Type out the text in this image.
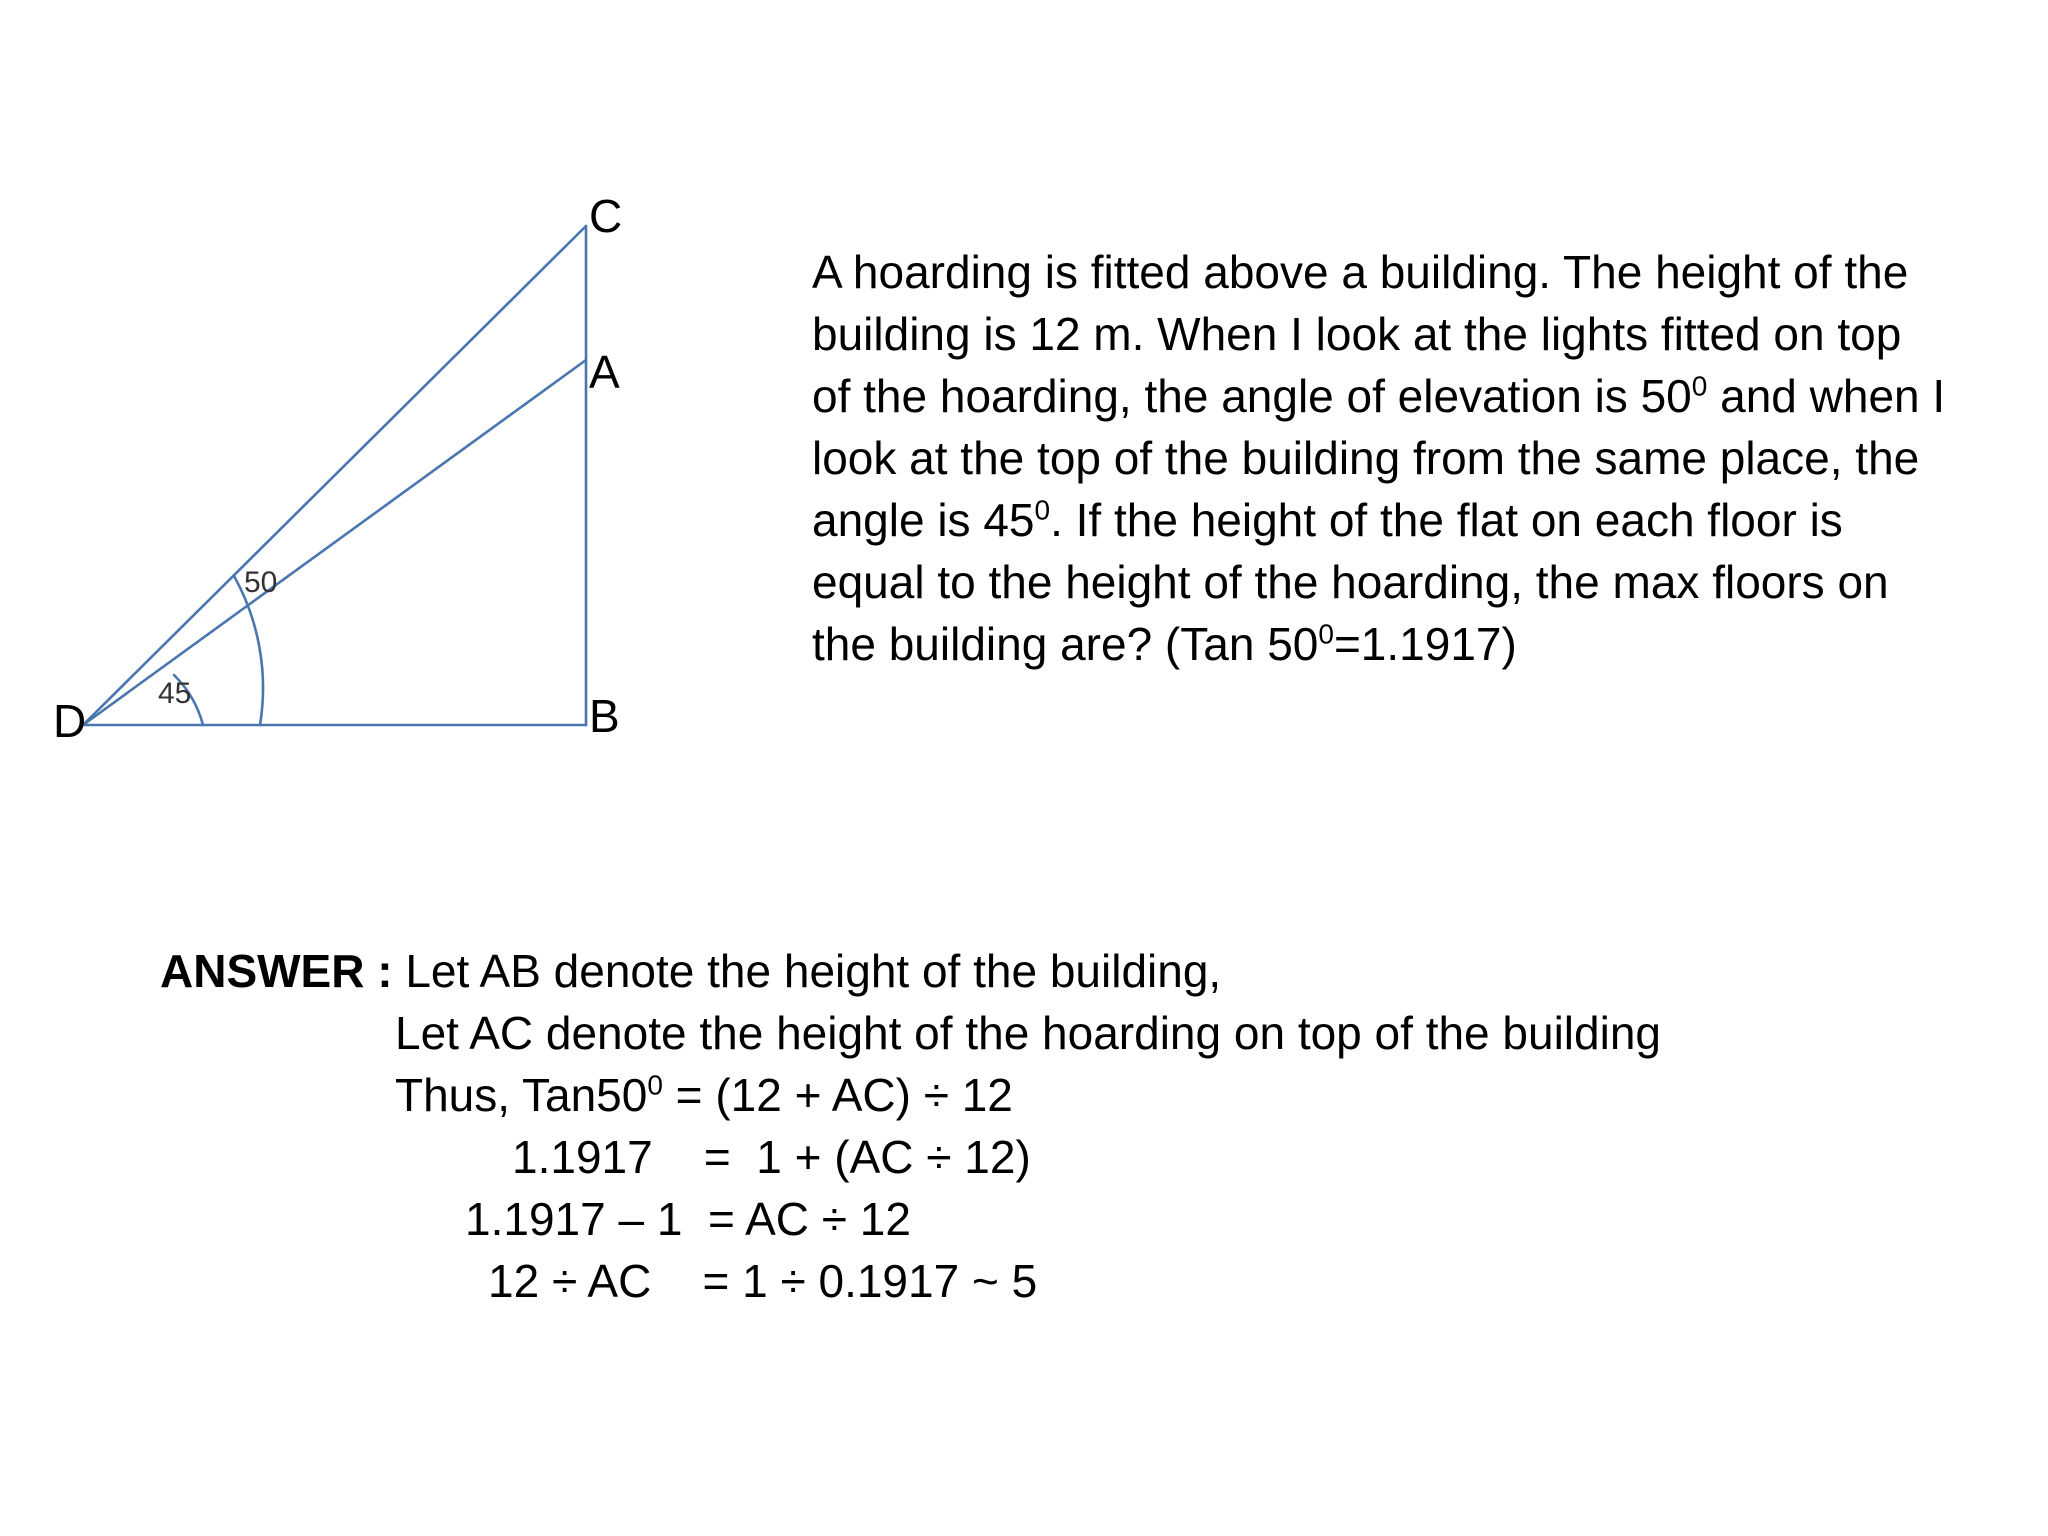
C
A
B
D
45
50
A hoarding is fitted above a building. The height of the
building is 12 m. When I look at the lights fitted on top
of the hoarding, the angle of elevation is $50^0$ and when I
look at the top of the building from the same place, the
angle is $45^0$. If the height of the flat on each floor is
equal to the height of the hoarding, the max floors on
the building are? (Tan $50^0=1.1917$)
ANSWER : Let AB denote the height of the building,
Let AC denote the height of the hoarding on top of the building
Thus, $Tan50^0 = (12 + AC) \div 12$
1.1917    =  1 + (AC ÷ 12)
1.1917 – 1  = AC ÷ 12
12 ÷ AC    = 1 ÷ 0.1917 ~ 5
